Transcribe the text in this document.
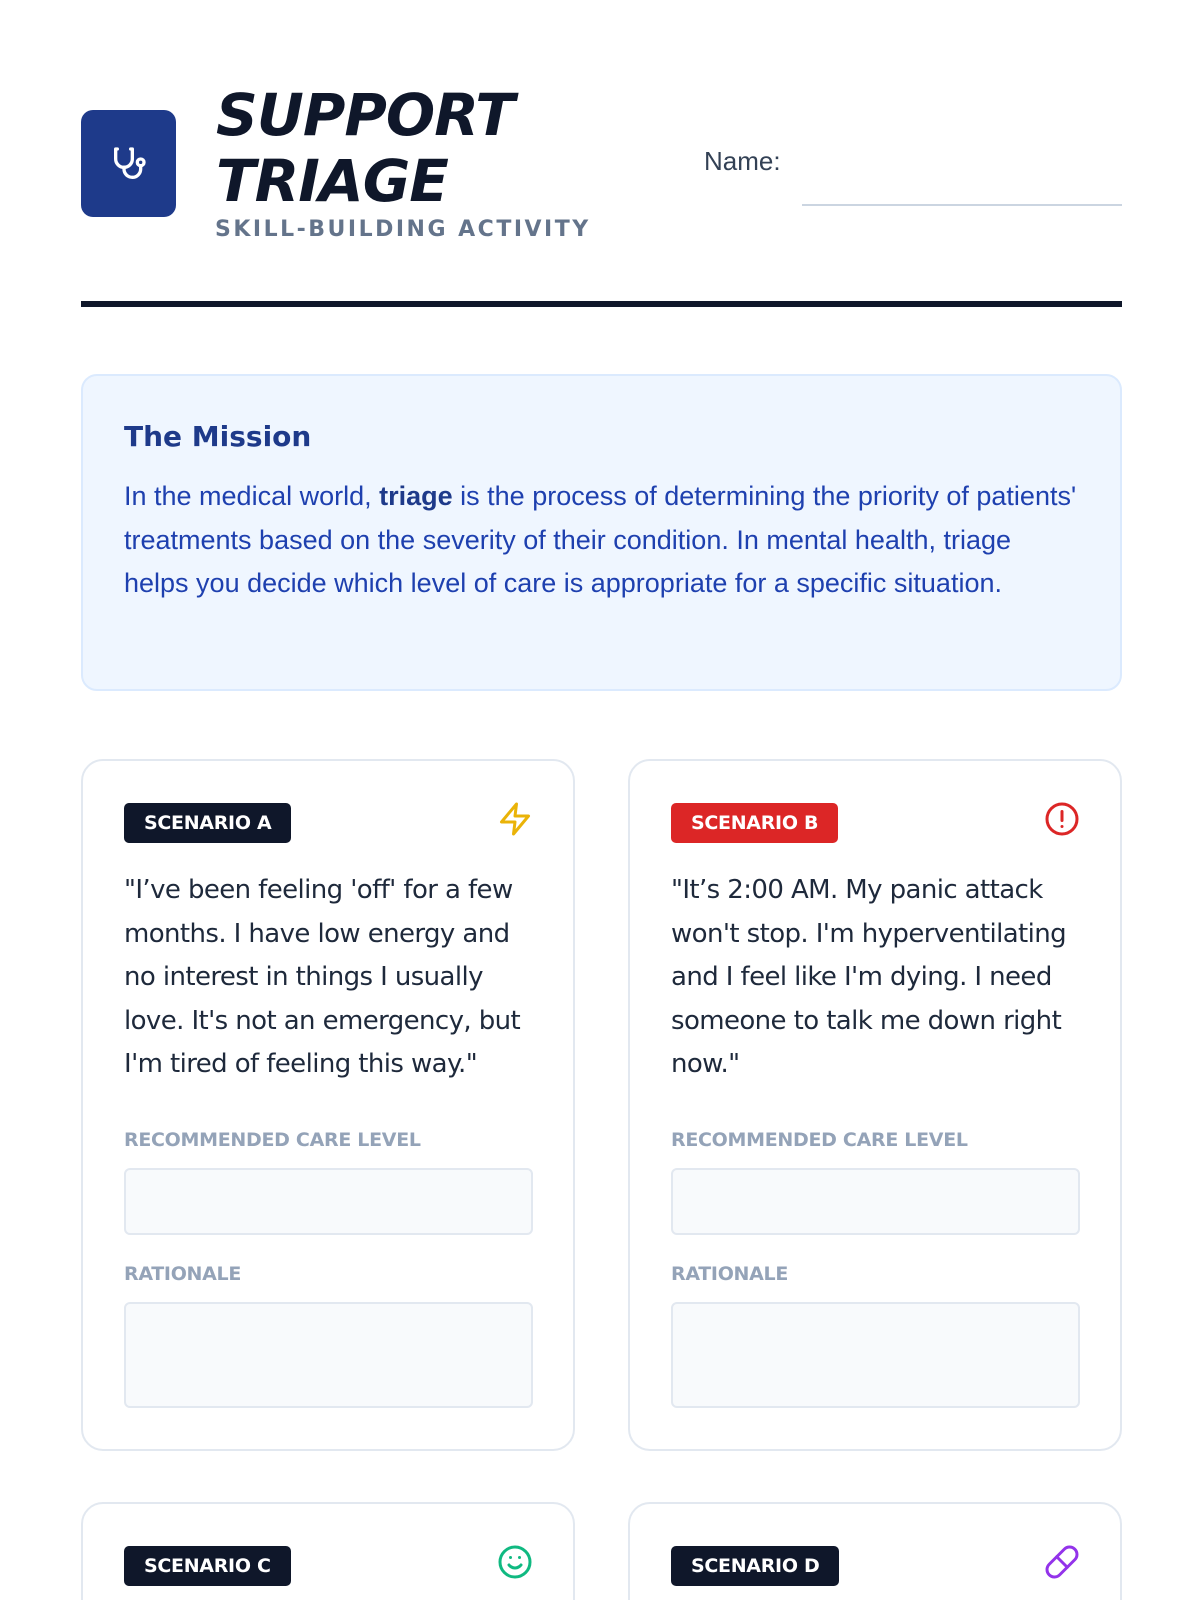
SUPPORT TRIAGE
SKILL-BUILDING ACTIVITY
Name:
The Mission

In the medical world, triage is the process of determining the priority of patients' treatments based on the severity of their condition. In mental health, triage helps you decide which level of care is appropriate for a specific situation.

SCENARIO A

"I’ve been feeling 'off' for a few months. I have low energy and no interest in things I usually love. It's not an emergency, but I'm tired of feeling this way."

RECOMMENDED CARE LEVEL
RATIONALE
SCENARIO B

"It’s 2:00 AM. My panic attack won't stop. I'm hyperventilating and I feel like I'm dying. I need someone to talk me down right now."

RECOMMENDED CARE LEVEL
RATIONALE
SCENARIO C	SCENARIO D
